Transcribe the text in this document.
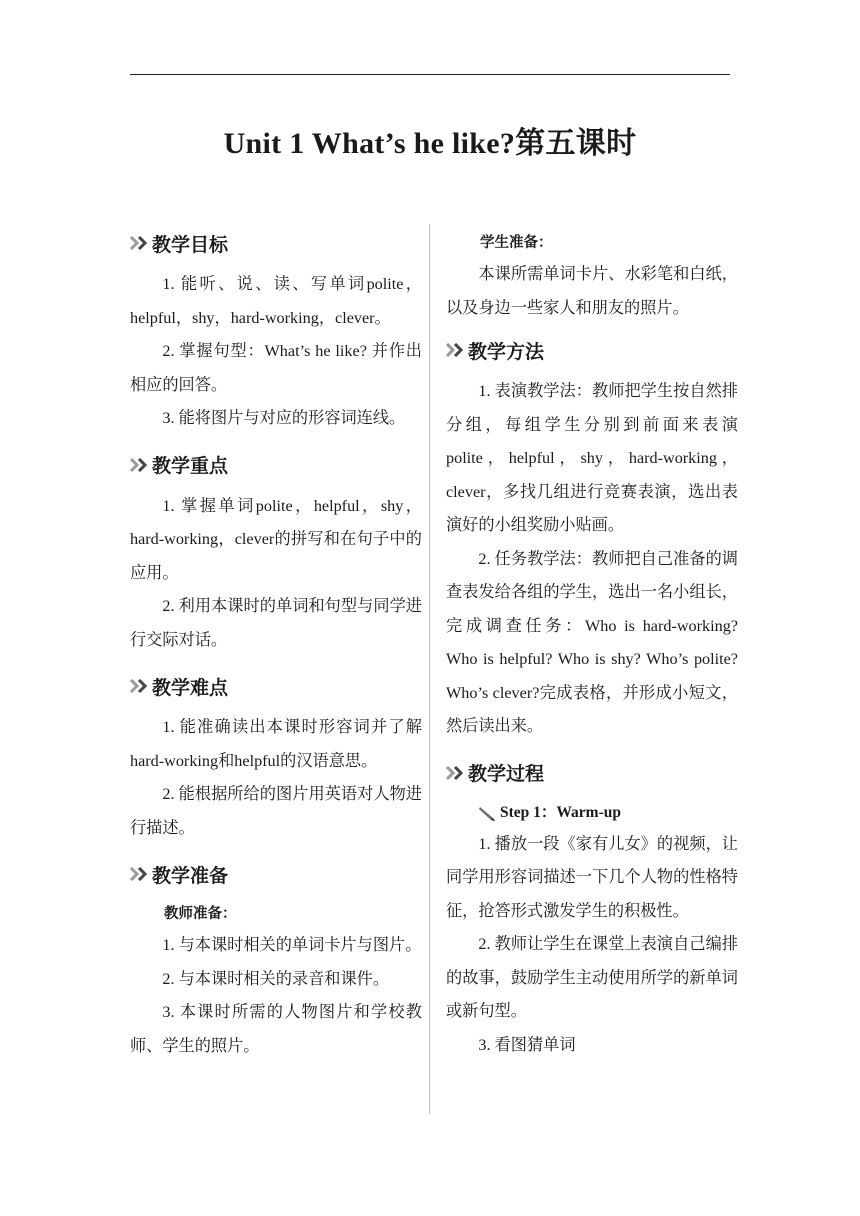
Unit 1 What’s he like?第五课时
教学目标

1. 能听、说、读、写单词polite，helpful，shy，hard-working，clever。

2. 掌握句型：What’s he like? 并作出相应的回答。

3. 能将图片与对应的形容词连线。

教学重点

1. 掌握单词polite，helpful，shy，hard-working，clever的拼写和在句子中的应用。

2. 利用本课时的单词和句型与同学进行交际对话。

教学难点

1. 能准确读出本课时形容词并了解hard-working和helpful的汉语意思。

2. 能根据所给的图片用英语对人物进行描述。

教学准备

教师准备：

1. 与本课时相关的单词卡片与图片。

2. 与本课时相关的录音和课件。

3. 本课时所需的人物图片和学校教师、学生的照片。

学生准备：

本课所需单词卡片、水彩笔和白纸，以及身边一些家人和朋友的照片。

教学方法

1. 表演教学法：教师把学生按自然排分组，每组学生分别到前面来表演polite，helpful，shy，hard-working，clever，多找几组进行竞赛表演，选出表演好的小组奖励小贴画。

2. 任务教学法：教师把自己准备的调查表发给各组的学生，选出一名小组长，完成调查任务：Who is hard-working? Who is helpful? Who is shy? Who’s polite? Who’s clever?完成表格，并形成小短文，然后读出来。

教学过程

Step 1：Warm-up

1. 播放一段《家有儿女》的视频，让同学用形容词描述一下几个人物的性格特征，抢答形式激发学生的积极性。

2. 教师让学生在课堂上表演自己编排的故事，鼓励学生主动使用所学的新单词或新句型。

3. 看图猜单词
